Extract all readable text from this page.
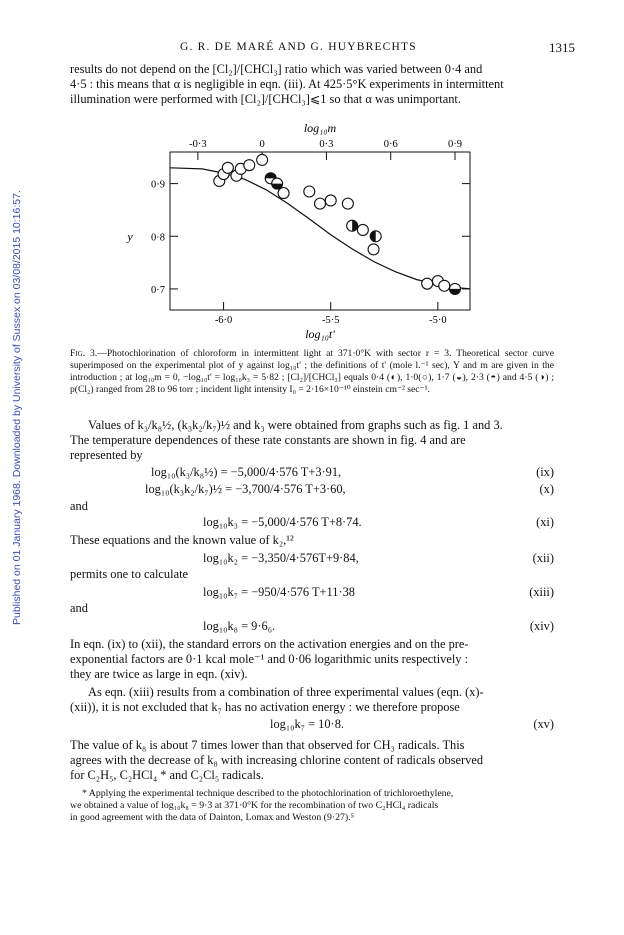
Published on 01 January 1968. Downloaded by University of Sussex on 03/08/2015 10:16:57.
G. R. DE MARÉ AND G. HUYBRECHTS	1315
results do not depend on the [Cl₂]/[CHCl₃] ratio which was varied between 0·4 and
4·5 : this means that α is negligible in eqn. (iii). At 425·5°K experiments in intermittent
illumination were performed with [Cl₂]/[CHCl₃]⩽1 so that α was unimportant.
log₁₀m
-0·3	0	0·3	0·6	0·9
-6·0	-5·5	-5·0
log₁₀t'
0·9
0·8
0·7
y
Fig. 3.—Photochlorination of chloroform in intermittent light at 371·0°K with sector r = 3. Theoretical sector curve superimposed on the experimental plot of y against log₁₀t' ; the definitions of t' (mole l.⁻¹ sec), Y and m are given in the introduction ; at log₁₀m = 0, −log₁₀t' = log₁₀k₃ = 5·82 ; [Cl₂]/[CHCl₃] equals 0·4 (◐), 1·0(○), 1·7 (◒), 2·3 (◓) and 4·5 (◑) ; p(Cl₂) ranged from 28 to 96 torr ; incident light intensity I₀ = 2·16×10⁻¹⁰ einstein cm⁻² sec⁻¹.
Values of k₃/k₈½, (k₃k₂/k₇)½ and k₃ were obtained from graphs such as fig. 1 and 3.
The temperature dependences of these rate constants are shown in fig. 4 and are
represented by
log₁₀(k₃/k₈½) = −5,000/4·576 T+3·91,	(ix)
log₁₀(k₃k₂/k₇)½ = −3,700/4·576 T+3·60,	(x)
and
log₁₀k₃ = −5,000/4·576 T+8·74.	(xi)
These equations and the known value of k₂,¹²
log₁₀k₂ = −3,350/4·576T+9·84,	(xii)
permits one to calculate
log₁₀k₇ = −950/4·576 T+11·38	(xiii)
and
log₁₀k₈ = 9·6₆.	(xiv)
In eqn. (ix) to (xii), the standard errors on the activation energies and on the pre-
exponential factors are 0·1 kcal mole⁻¹ and 0·06 logarithmic units respectively :
they are twice as large in eqn. (xiv).
As eqn. (xiii) results from a combination of three experimental values (eqn. (x)-
(xii)), it is not excluded that k₇ has no activation energy : we therefore propose
log₁₀k₇ = 10·8.	(xv)
The value of k₈ is about 7 times lower than that observed for CH₃ radicals. This
agrees with the decrease of k₈ with increasing chlorine content of radicals observed
for C₂H₅, C₂HCl₄ * and C₂Cl₅ radicals.
* Applying the experimental technique described to the photochlorination of trichloroethylene,
we obtained a value of log₁₀k₈ = 9·3 at 371·0°K for the recombination of two C₂HCl₄ radicals
in good agreement with the data of Dainton, Lomax and Weston (9·27).⁵
